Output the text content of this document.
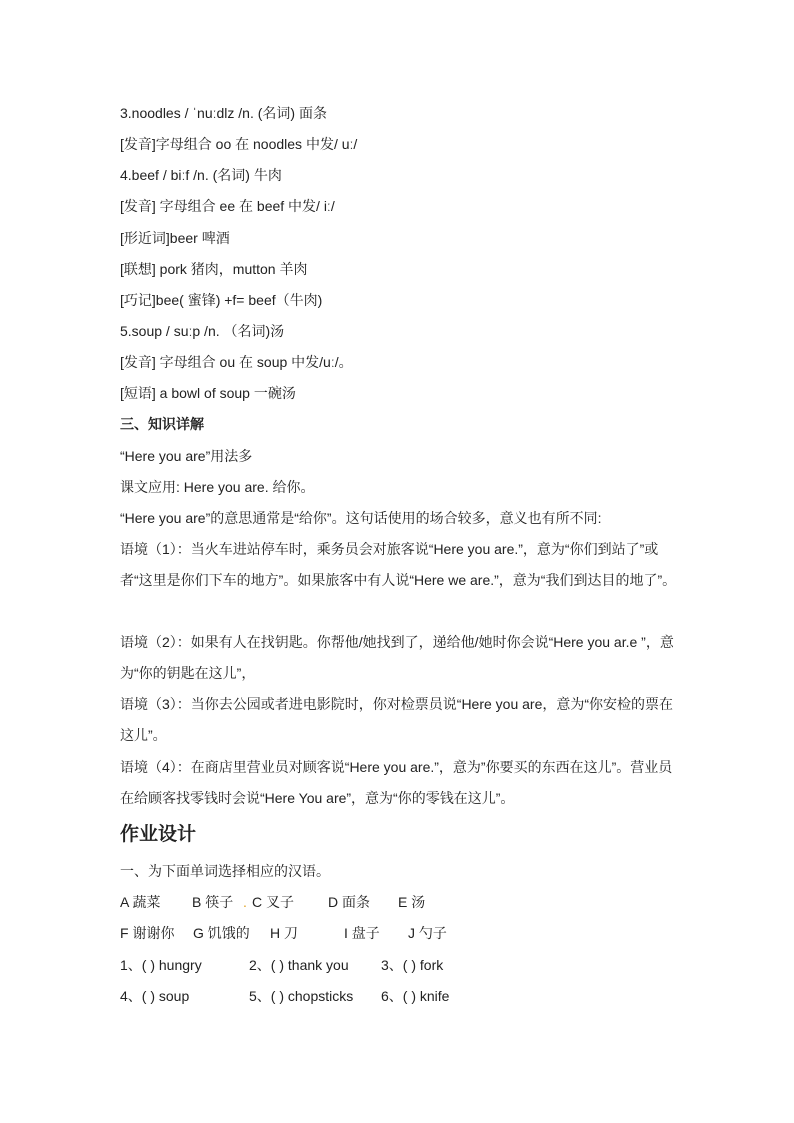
3.noodles / ˈnuːdlz /n. (名词) 面条
[发音]字母组合 oo 在 noodles 中发/ uː/
4.beef / biːf /n. (名词) 牛肉
[发音] 字母组合 ee 在 beef 中发/ iː/
[形近词]beer 啤酒
[联想] pork 猪肉，mutton 羊肉
[巧记]bee( 蜜锋) +f= beef（牛肉)
5.soup / suːp /n. （名词)汤
[发音] 字母组合 ou 在 soup 中发/uː/。
[短语] a bowl of soup 一碗汤
三、知识详解
“Here you are”用法多
课文应用: Here you are. 给你。
“Here you are”的意思通常是“给你”。这句话使用的场合较多，意义也有所不同:
语境（1）：当火车进站停车时，乘务员会对旅客说“Here you are.”，意为“你们到站了”或者“这里是你们下车的地方”。如果旅客中有人说“Here we are.”，意为“我们到达目的地了”。
语境（2）：如果有人在找钥匙。你帮他/她找到了，递给他/她时你会说“Here you ar.e ”，意为“你的钥匙在这儿”，
语境（3）：当你去公园或者进电影院时，你对检票员说“Here you are，意为“你安检的票在这儿”。
语境（4）：在商店里营业员对顾客说“Here you are.”，意为”你要买的东西在这儿”。营业员在给顾客找零钱时会说“Here You are”，意为“你的零钱在这儿”。
作业设计
一、为下面单词选择相应的汉语。
A 蔬菜 B 筷子 . C 叉子 D 面条 E 汤
F 谢谢你 G 饥饿的 H 刀	I 盘子 J 勺子
1、( ) hungry	2、( ) thank you 3、( ) fork
4、( ) soup	5、( ) chopsticks 6、( ) knife
